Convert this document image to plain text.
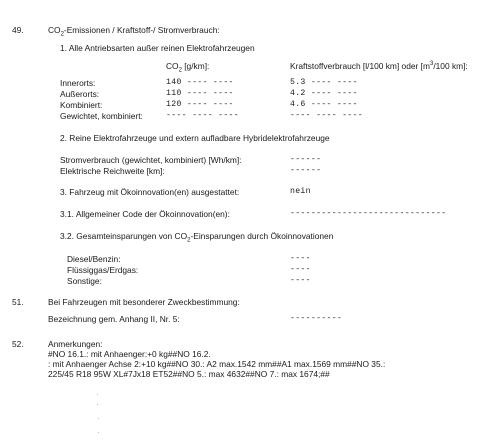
49.	$CO_2$-Emissionen / Kraftstoff-/ Stromverbrauch:
1. Alle Antriebsarten außer reinen Elektrofahrzeugen
$CO_2$ [g/km]:	Kraftstoffverbrauch [l/100 km] oder [$m^3/100$ km]:
Innerorts:	140 ---- ----	5.3 ---- ----
Außerorts:	110 ---- ----	4.2 ---- ----
Kombiniert:	120 ---- ----	4.6 ---- ----
Gewichtet, kombiniert:	---- ---- ----	---- ---- ----
2. Reine Elektrofahrzeuge und extern aufladbare Hybridelektrofahrzeuge
Stromverbrauch (gewichtet, kombiniert) [Wh/km]:	------
Elektrische Reichweite [km]:	------
3. Fahrzeug mit Ökoinnovation(en) ausgestattet:	nein
3.1. Allgemeiner Code der Ökoinnovation(en):	------------------------------
3.2. Gesamteinsparungen von $CO_2$-Einsparungen durch Ökoinnovationen
Diesel/Benzin:	----
Flüssiggas/Erdgas:	----
Sonstige:	----
51.	Bei Fahrzeugen mit besonderer Zweckbestimmung:
Bezeichnung gem. Anhang II, Nr. 5:	----------
52.	Anmerkungen:
#NO 16.1.: mit Anhaenger:+0 kg##NO 16.2.
: mit Anhaenger Achse 2:+10 kg##NO 30.: A2 max.1542 mm##A1 max.1569 mm##NO 35.:
225/45 R18 95W XL#7Jx18 ET52##NO 5.: max 4632##NO 7.: max 1674;##
